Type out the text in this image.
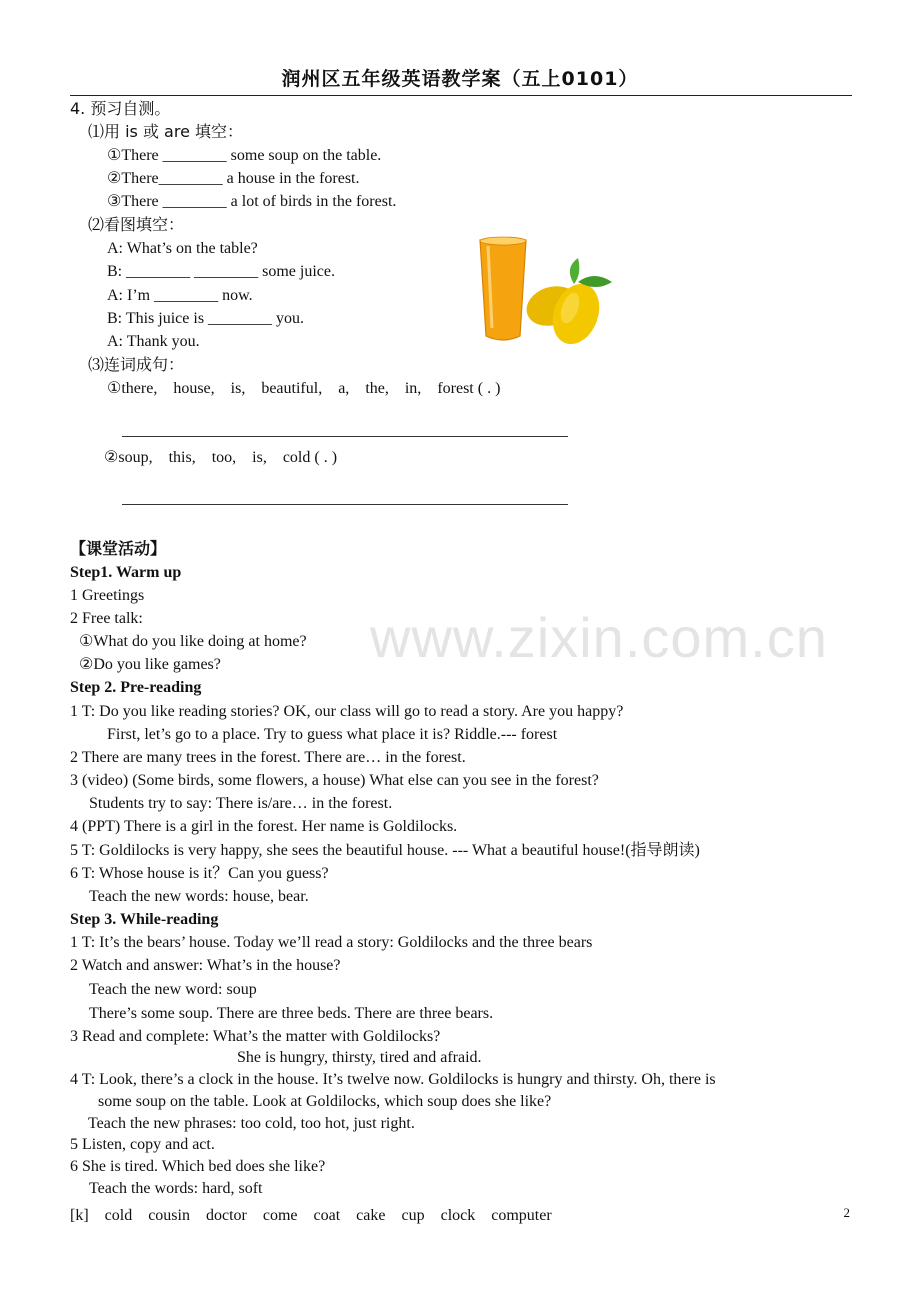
润州区五年级英语教学案（五上0101）
www.zixin.com.cn
4. 预习自测。
⑴用 is 或 are 填空：
①There ________ some soup on the table.
②There________ a house in the forest.
③There ________ a lot of birds in the forest.
⑵看图填空：
A: What’s on the table?
B: ________ ________ some juice.
A: I’m ________ now.
B: This juice is ________ you.
A: Thank you.
⑶连词成句：
①there, house, is, beautiful, a, the, in, forest ( . )
②soup, this, too, is, cold ( . )
【课堂活动】
Step1. Warm up
1 Greetings
2 Free talk:
①What do you like doing at home?
②Do you like games?
Step 2. Pre-reading
1 T: Do you like reading stories? OK, our class will go to read a story. Are you happy?
First, let’s go to a place. Try to guess what place it is? Riddle.--- forest
2 There are many trees in the forest. There are… in the forest.
3 (video) (Some birds, some flowers, a house) What else can you see in the forest?
Students try to say: There is/are… in the forest.
4 (PPT) There is a girl in the forest. Her name is Goldilocks.
5 T: Goldilocks is very happy, she sees the beautiful house. --- What a beautiful house!(指导朗读)
6 T: Whose house is it？Can you guess?
Teach the new words: house, bear.
Step 3. While-reading
1 T: It’s the bears’ house. Today we’ll read a story: Goldilocks and the three bears
2 Watch and answer: What’s in the house?
Teach the new word: soup
There’s some soup. There are three beds. There are three bears.
3 Read and complete: What’s the matter with Goldilocks?
She is hungry, thirsty, tired and afraid.
4 T: Look, there’s a clock in the house. It’s twelve now. Goldilocks is hungry and thirsty. Oh, there is
some soup on the table. Look at Goldilocks, which soup does she like?
Teach the new phrases: too cold, too hot, just right.
5 Listen, copy and act.
6 She is tired. Which bed does she like?
Teach the words: hard, soft
[k] cold cousin doctor come coat cake cup clock computer	2
